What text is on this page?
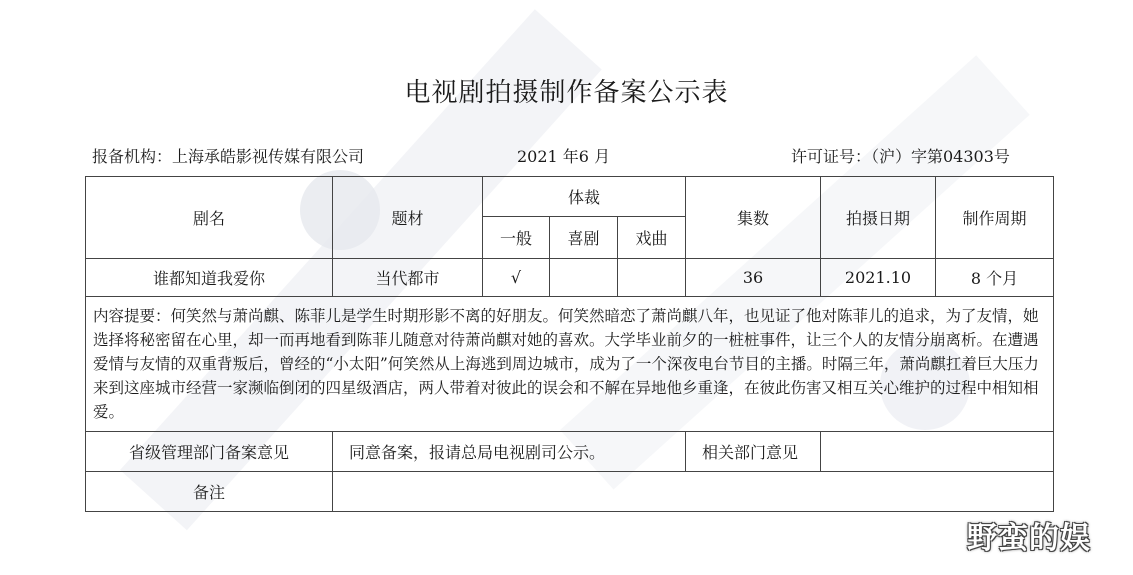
电视剧拍摄制作备案公示表
报备机构：上海承皓影视传媒有限公司	2021 年6 月	许可证号：（沪）字第04303号
剧名	题材	体裁			集数	拍摄日期	制作周期
		一般	喜剧	戏曲			
谁都知道我爱你	当代都市	√			36	2021.10	8 个月
内容提要：何笑然与萧尚麒、陈菲儿是学生时期形影不离的好朋友。何笑然暗恋了萧尚麒八年，也见证了他对陈菲儿的追求，为了友情，她选择将秘密留在心里，却一而再地看到陈菲儿随意对待萧尚麒对她的喜欢。大学毕业前夕的一桩桩事件，让三个人的友情分崩离析。在遭遇爱情与友情的双重背叛后，曾经的“小太阳”何笑然从上海逃到周边城市，成为了一个深夜电台节目的主播。时隔三年，萧尚麒扛着巨大压力来到这座城市经营一家濒临倒闭的四星级酒店，两人带着对彼此的误会和不解在异地他乡重逢，在彼此伤害又相互关心维护的过程中相知相爱。							
省级管理部门备案意见	同意备案，报请总局电视剧司公示。				相关部门意见		
备注							
野蛮的娱
